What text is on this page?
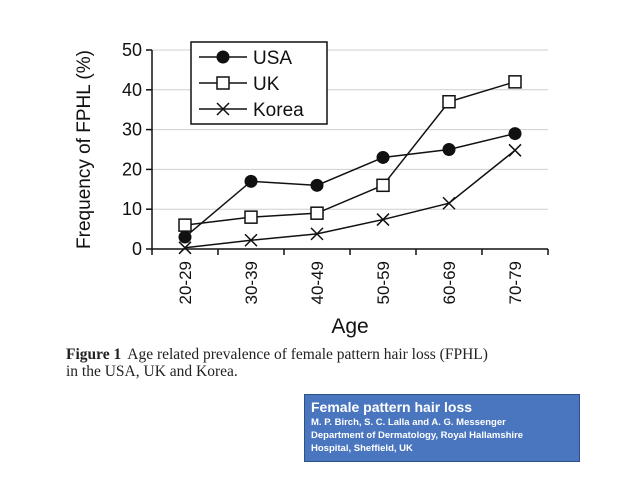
0
10
20
30
40
50
20-29	30-39	40-49	50-59	60-69	70-79
USA
UK
Korea
Frequency of FPHL (%)
Age
Figure 1 Age related prevalence of female pattern hair loss (FPHL)
in the USA, UK and Korea.
Female pattern hair loss
M. P. Birch, S. C. Lalla and A. G. Messenger
Department of Dermatology, Royal Hallamshire
Hospital, Sheffield, UK
